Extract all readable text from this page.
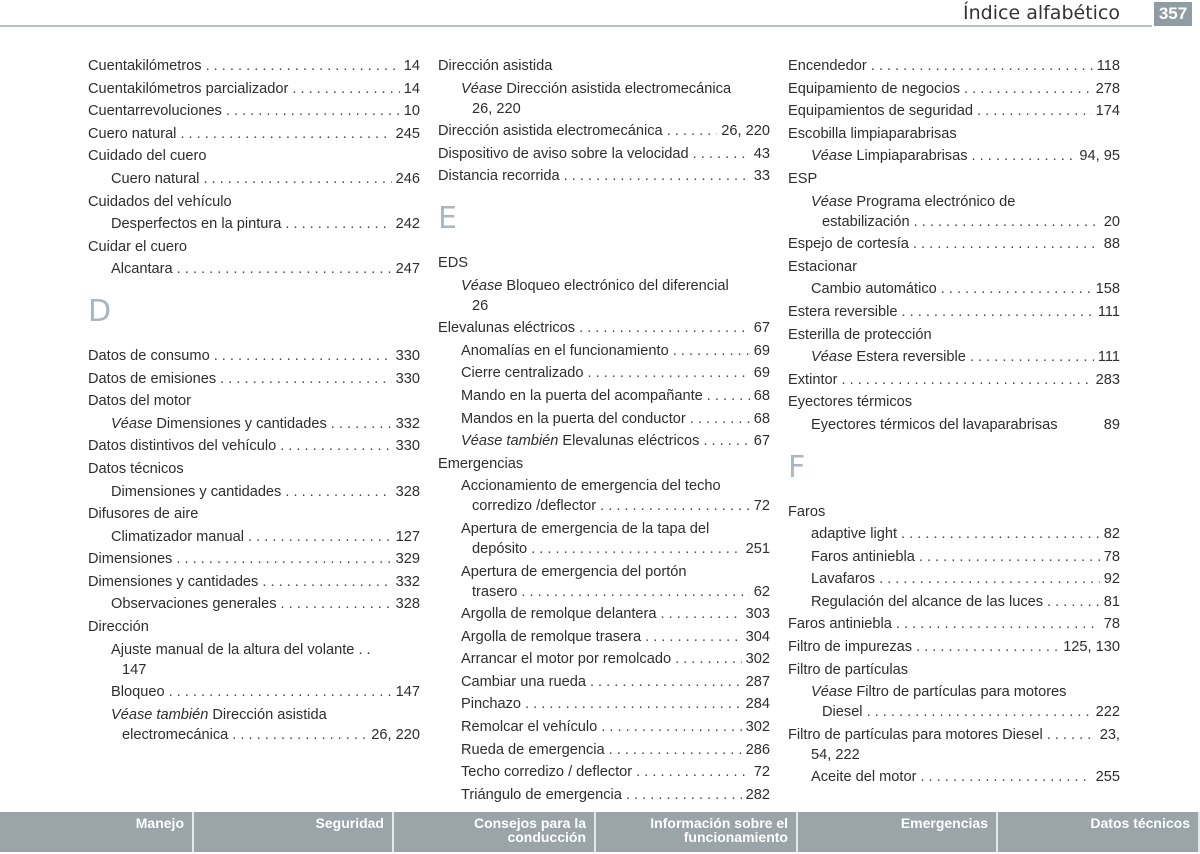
Índice alfabético 357
Cuentakilómetros . . .	14
Cuentakilómetros parcializador . . .	14
Cuentarrevoluciones . . .	10
Cuero natural . . .	245
Cuidado del cuero
Cuero natural . . .	246
Cuidados del vehículo
Desperfectos en la pintura . . .	242
Cuidar el cuero
Alcantara . . .	247
D
Datos de consumo . . .	330
Datos de emisiones . . .	330
Datos del motor
Véase Dimensiones y cantidades . . .	332
Datos distintivos del vehículo . . .	330
Datos técnicos
Dimensiones y cantidades . . .	328
Difusores de aire
Climatizador manual . . .	127
Dimensiones . . .	329
Dimensiones y cantidades . . .	332
Observaciones generales . . .	328
Dirección
Ajuste manual de la altura del volante . .
147
Bloqueo . . .	147
Véase también Dirección asistida
electromecánica . . .	26, 220
Dirección asistida
Véase Dirección asistida electromecánica
26, 220
Dirección asistida electromecánica . . .	26, 220
Dispositivo de aviso sobre la velocidad . . .	43
Distancia recorrida . . .	33
E
EDS
Véase Bloqueo electrónico del diferencial
26
Elevalunas eléctricos . . .	67
Anomalías en el funcionamiento . . .	69
Cierre centralizado . . .	69
Mando en la puerta del acompañante . . .	68
Mandos en la puerta del conductor . . .	68
Véase también Elevalunas eléctricos . . .	67
Emergencias
Accionamiento de emergencia del techo
corredizo /deflector . . .	72
Apertura de emergencia de la tapa del
depósito . . .	251
Apertura de emergencia del portón
trasero . . .	62
Argolla de remolque delantera . . .	303
Argolla de remolque trasera . . .	304
Arrancar el motor por remolcado . . .	302
Cambiar una rueda . . .	287
Pinchazo . . .	284
Remolcar el vehículo . . .	302
Rueda de emergencia . . .	286
Techo corredizo / deflector . . .	72
Triángulo de emergencia . . .	282
Encendedor . . .	118
Equipamiento de negocios . . .	278
Equipamientos de seguridad . . .	174
Escobilla limpiaparabrisas
Véase Limpiaparabrisas . . .	94, 95
ESP
Véase Programa electrónico de
estabilización . . .	20
Espejo de cortesía . . .	88
Estacionar
Cambio automático . . .	158
Estera reversible . . .	111
Esterilla de protección
Véase Estera reversible . . .	111
Extintor . . .	283
Eyectores térmicos
Eyectores térmicos del lavaparabrisas	89
F
Faros
adaptive light . . .	82
Faros antiniebla . . .	78
Lavafaros . . .	92
Regulación del alcance de las luces . . .	81
Faros antiniebla . . .	78
Filtro de impurezas . . .	125, 130
Filtro de partículas
Véase Filtro de partículas para motores
Diesel . . .	222
Filtro de partículas para motores Diesel . . .	23,
54, 222
Aceite del motor . . .	255
Manejo	Seguridad	Consejos para la conducción
Información sobre el funcionamiento
Emergencias	Datos técnicos
